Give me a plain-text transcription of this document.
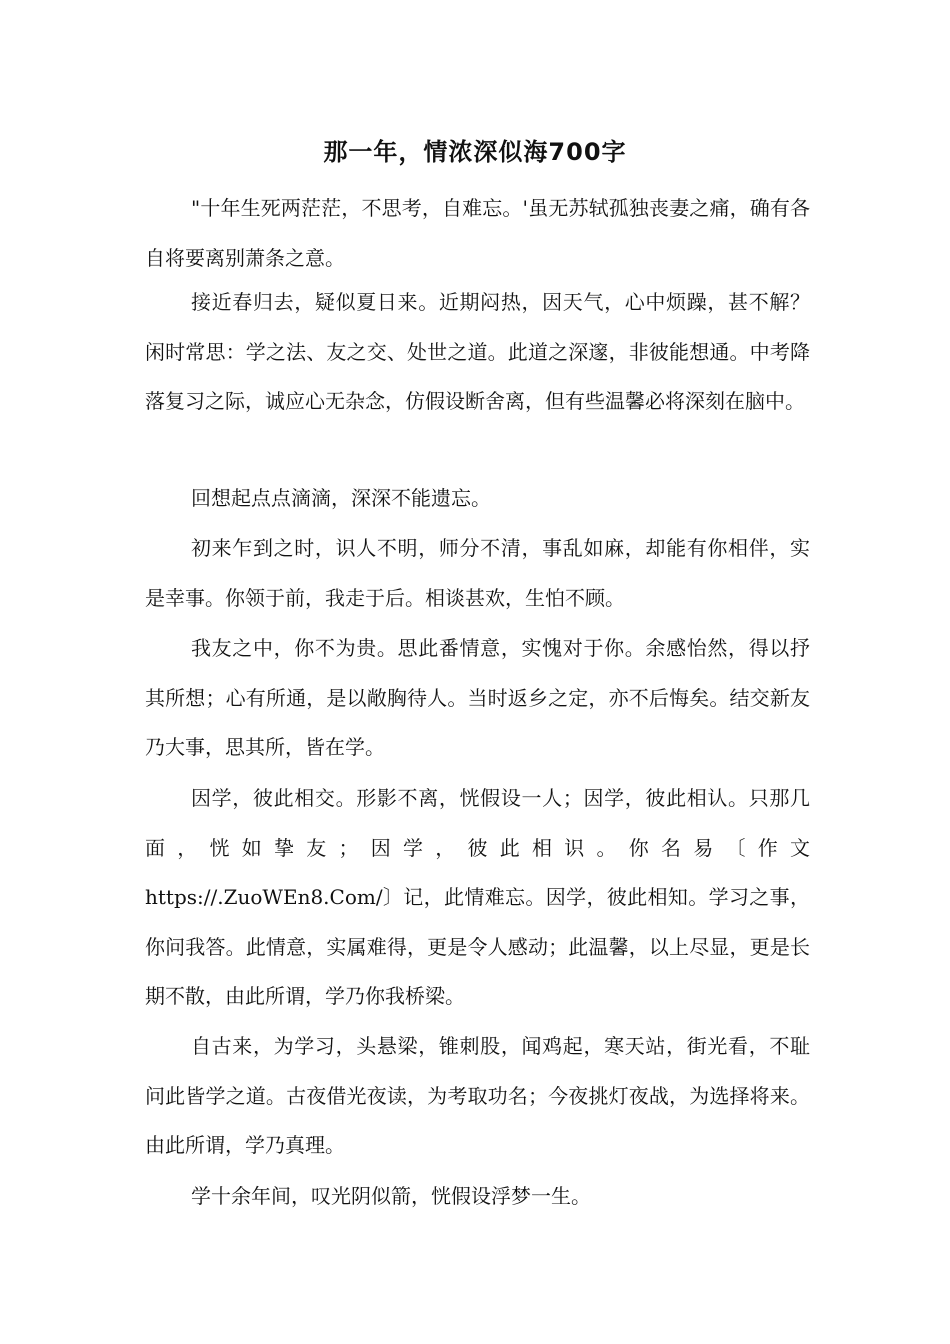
那一年，情浓深似海700字

"十年生死两茫茫，不思考，自难忘。'虽无苏轼孤独丧妻之痛，确有各自将要离别萧条之意。

接近春归去，疑似夏日来。近期闷热，因天气，心中烦躁，甚不解？闲时常思：学之法、友之交、处世之道。此道之深邃，非彼能想通。中考降落复习之际，诚应心无杂念，仿假设断舍离，但有些温馨必将深刻在脑中。

回想起点点滴滴，深深不能遗忘。

初来乍到之时，识人不明，师分不清，事乱如麻，却能有你相伴，实是幸事。你领于前，我走于后。相谈甚欢，生怕不顾。

我友之中，你不为贵。思此番情意，实愧对于你。余感怡然，得以抒其所想；心有所通，是以敞胸待人。当时返乡之定，亦不后悔矣。结交新友乃大事，思其所，皆在学。

因学，彼此相交。形影不离，恍假设一人；因学，彼此相认。只那几面，恍如挚友；因学，彼此相识。你名易〔作文

https://.ZuoWEn8.Com/〕记，此情难忘。因学，彼此相知。学习之事，你问我答。此情意，实属难得，更是令人感动；此温馨，以上尽显，更是长期不散，由此所谓，学乃你我桥梁。

自古来，为学习，头悬梁，锥刺股，闻鸡起，寒天站，街光看，不耻问此皆学之道。古夜借光夜读，为考取功名；今夜挑灯夜战，为选择将来。由此所谓，学乃真理。

学十余年间，叹光阴似箭，恍假设浮梦一生。
